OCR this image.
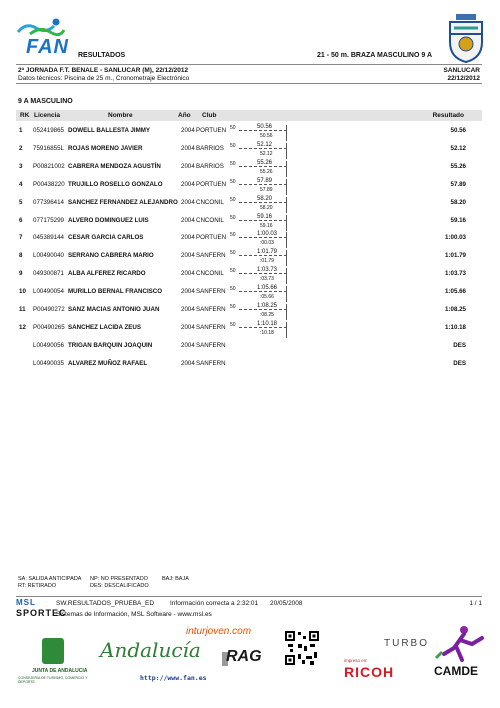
FAN RESULTADOS	21 - 50 m. BRAZA MASCULINO 9 A
2ª JORNADA F.T. BENALE - SANLUCAR (M), 22/12/2012
Datos técnicos: Piscina de 25 m., Cronometraje Electrónico
SANLUCAR
22/12/2012
9 A MASCULINO
RK Licencia	Nombre	Año Club	Resultado
1 052419865 DOWELL BALLESTA JIMMY	2004 PORTUEN	50.56
50	50.56
50.56
2 75916855L ROJAS MORENO JAVIER	2004 BARRIOS	52.12
50	52.12
52.12
3 P00821002 CABRERA MENDOZA AGUSTÍN	2004 BARRIOS	55.26
50	55.26
55.26
4 P00438220 TRUJILLO ROSELLO GONZALO	2004 PORTUEN	57.89
50	57.89
57.89
5 077396414 SANCHEZ FERNANDEZ ALEJANDRO 2004 CNCONIL	58.20
50	58.20
58.20
6 077175299 ALVERO DOMINGUEZ LUIS	2004 CNCONIL	59.16
50	59.16
59.16
7 045389144 CESAR GARCIA CARLOS	2004 PORTUEN	1:00.03
50	1:00.03
:00.03
8 L00490040 SERRANO CABRERA MARIO	2004 SANFERN	1:01.79
50	1:01.79
:01.79
9 049300871 ALBA ALFEREZ RICARDO	2004 CNCONIL	1:03.73
50	1:03.73
:03.73
10 L00490054 MURILLO BERNAL FRANCISCO	2004 SANFERN	1:05.66
50	1:05.66
:05.66
11 P00490272 SANZ MACIAS ANTONIO JUAN	2004 SANFERN	1:08.25
50	1:08.25
:08.25
12 P00490265 SANCHEZ LACIDA ZEUS	2004 SANFERN	1:10.18
50	1:10.18
:10.18
L00490056 TRIGAN BARQUIN JOAQUIN	2004 SANFERN	DES
L00490035 ALVAREZ MUÑOZ RAFAEL	2004 SANFERN	DES
SA: SALIDA ANTICIPADA
RT: RETIRADO
NP: NO PRESENTADO
DES: DESCALIFICADO
BAJ: BAJA
MSL
SPORTEC
SW.RESULTADOS_PRUEBA_ED Información correcta a 2:32:01 20/05/2008
Sistemas de Información, MSL Software - www.msl.es
1 / 1
JUNTA DE ANDALUCIA
CONSEJERÍA DE TURISMO, COMERCIO Y DEPORTE
Andalucía
http://www.fan.es
inturjoven.com
RAG
TURBO
impreso en:
RICOH	CAMDE
